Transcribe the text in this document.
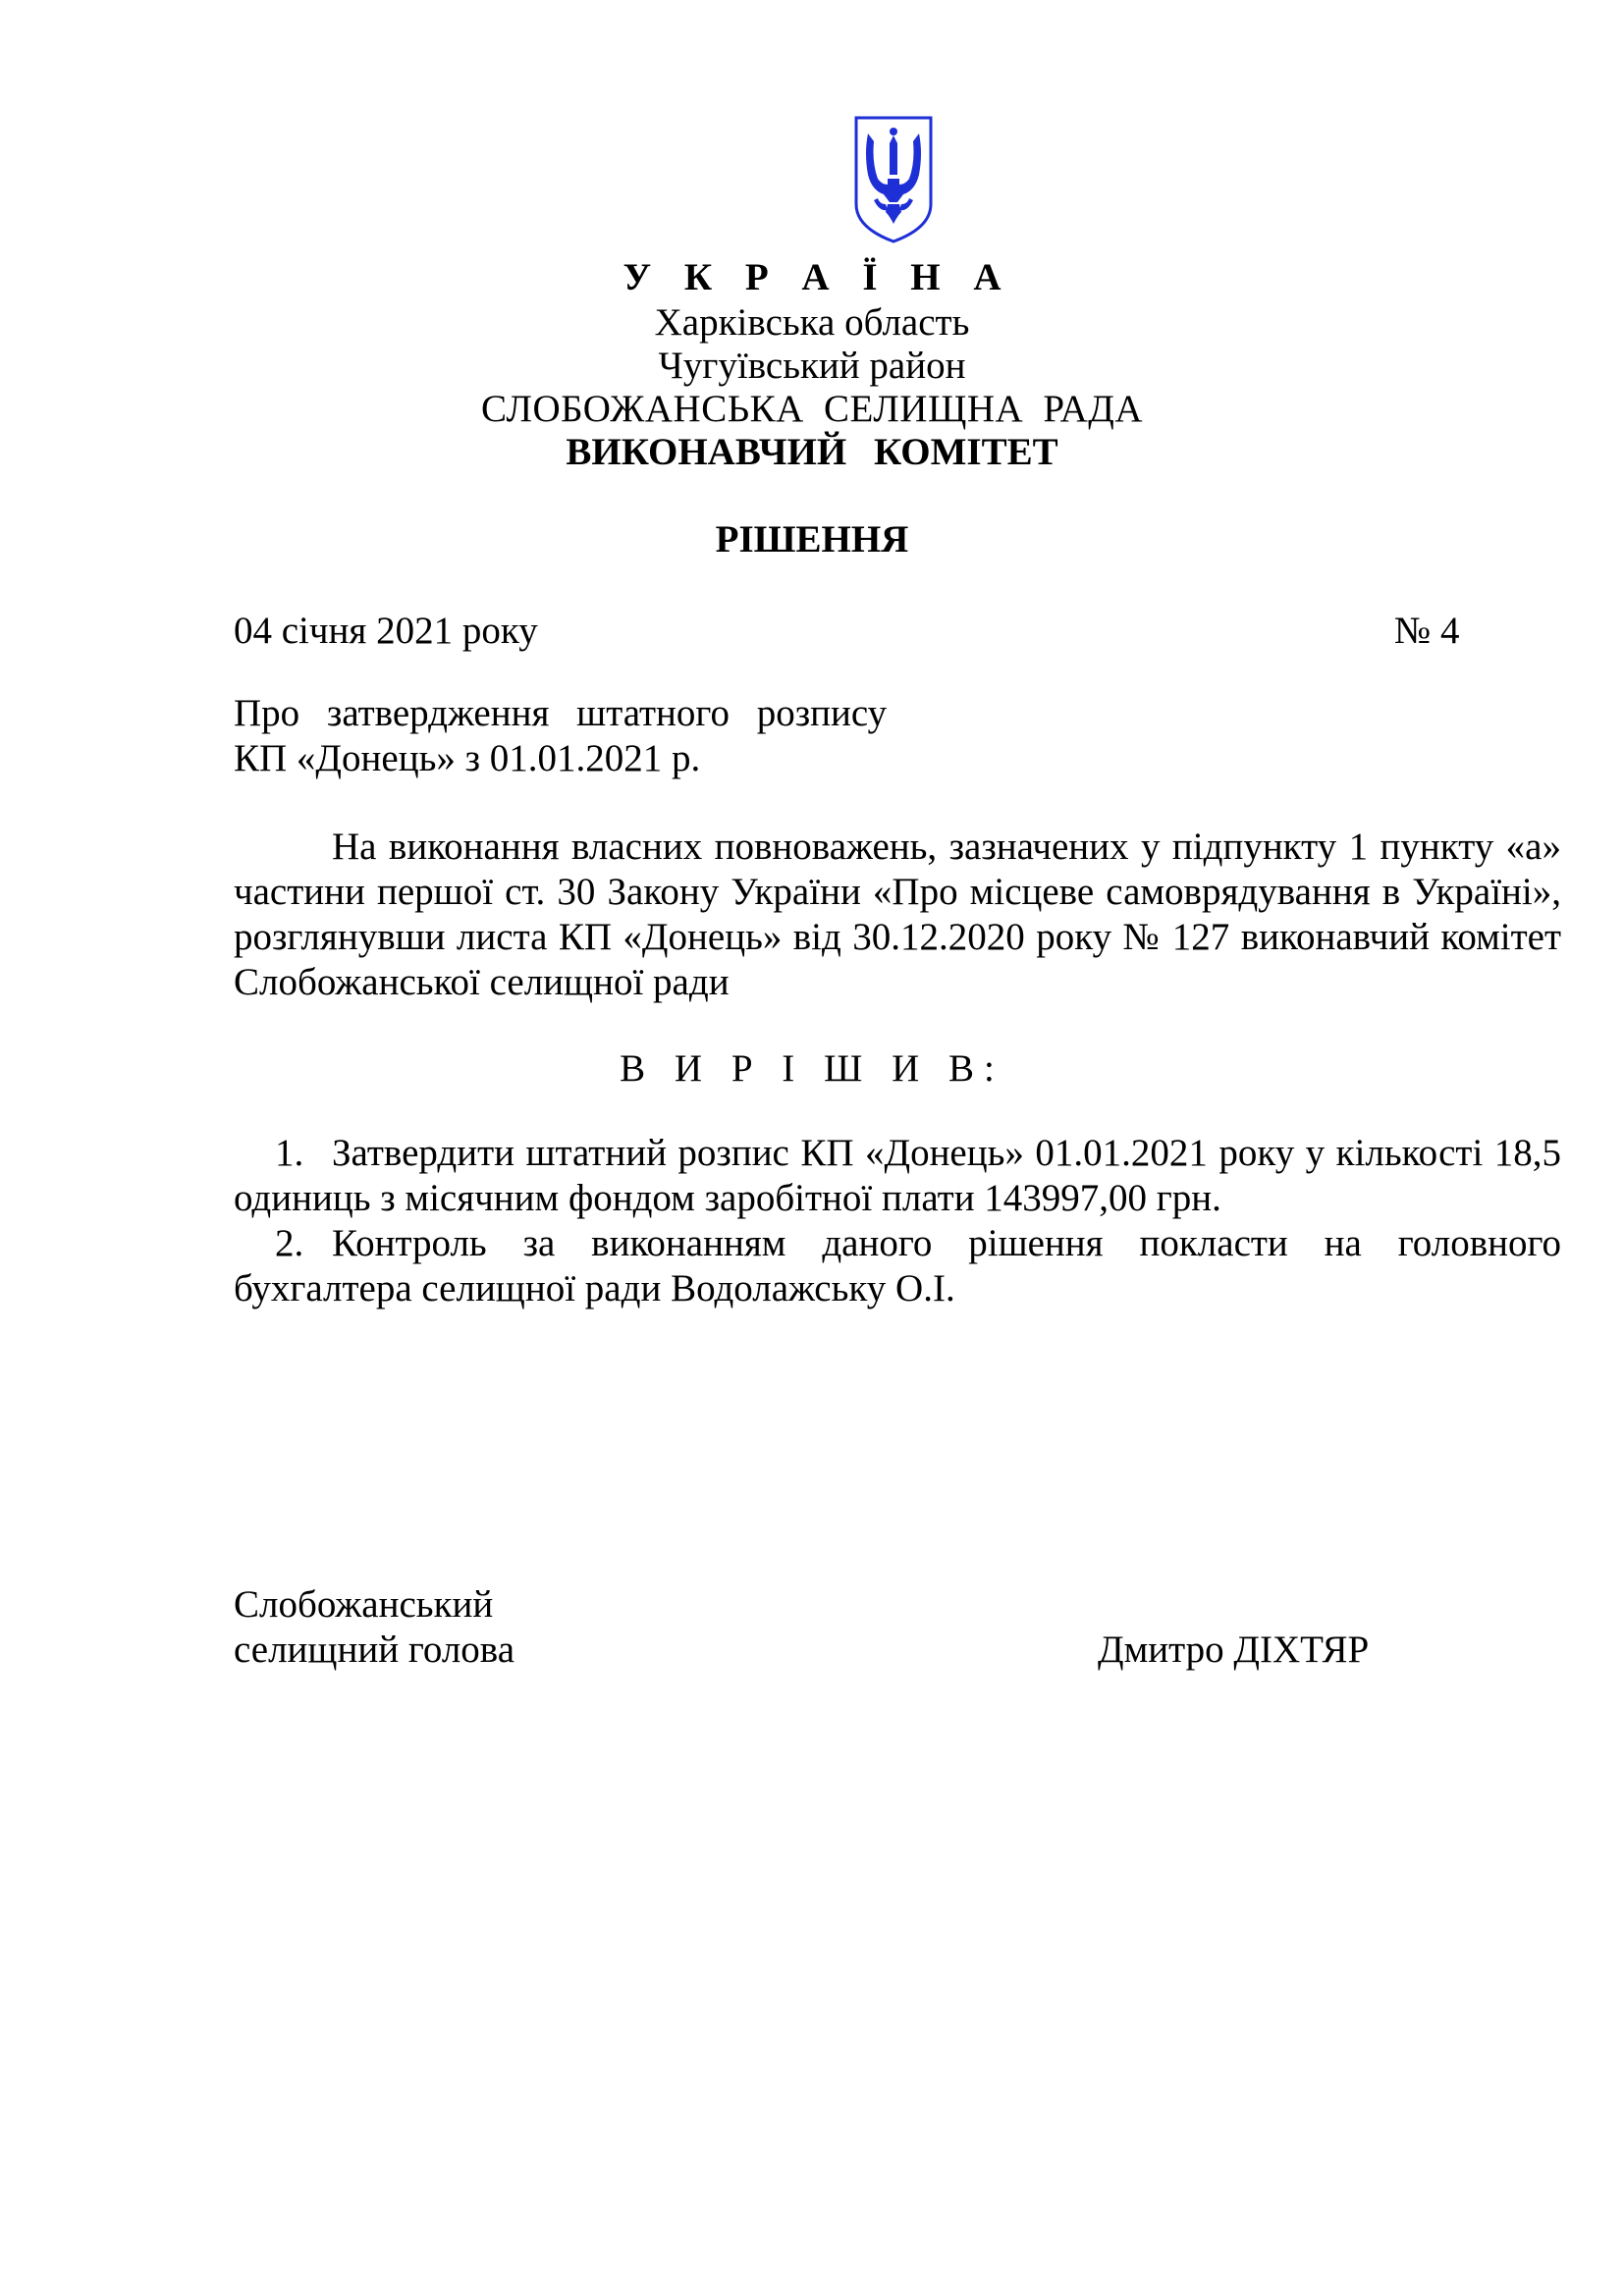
У К Р А Ї Н А
Харківська область
Чугуївський район
СЛОБОЖАНСЬКА СЕЛИЩНА РАДА
ВИКОНАВЧИЙ КОМІТЕТ
РІШЕННЯ
04 січня 2021 року	№ 4
Про затвердження штатного розпису
КП «Донець» з 01.01.2021 р.
На виконання власних повноважень, зазначених у підпункту 1 пункту «а»
частини першої ст. 30 Закону України «Про місцеве самоврядування в Україні»,
розглянувши листа КП «Донець» від 30.12.2020 року № 127 виконавчий комітет
Слобожанської селищної ради
В И Р І Ш И В:
1. Затвердити штатний розпис КП «Донець» 01.01.2021 року у кількості 18,5
одиниць з місячним фондом заробітної плати 143997,00 грн.
2. Контроль за виконанням даного рішення покласти на головного
бухгалтера селищної ради Водолажську О.І.
Слобожанський
селищний голова	Дмитро ДІХТЯР
